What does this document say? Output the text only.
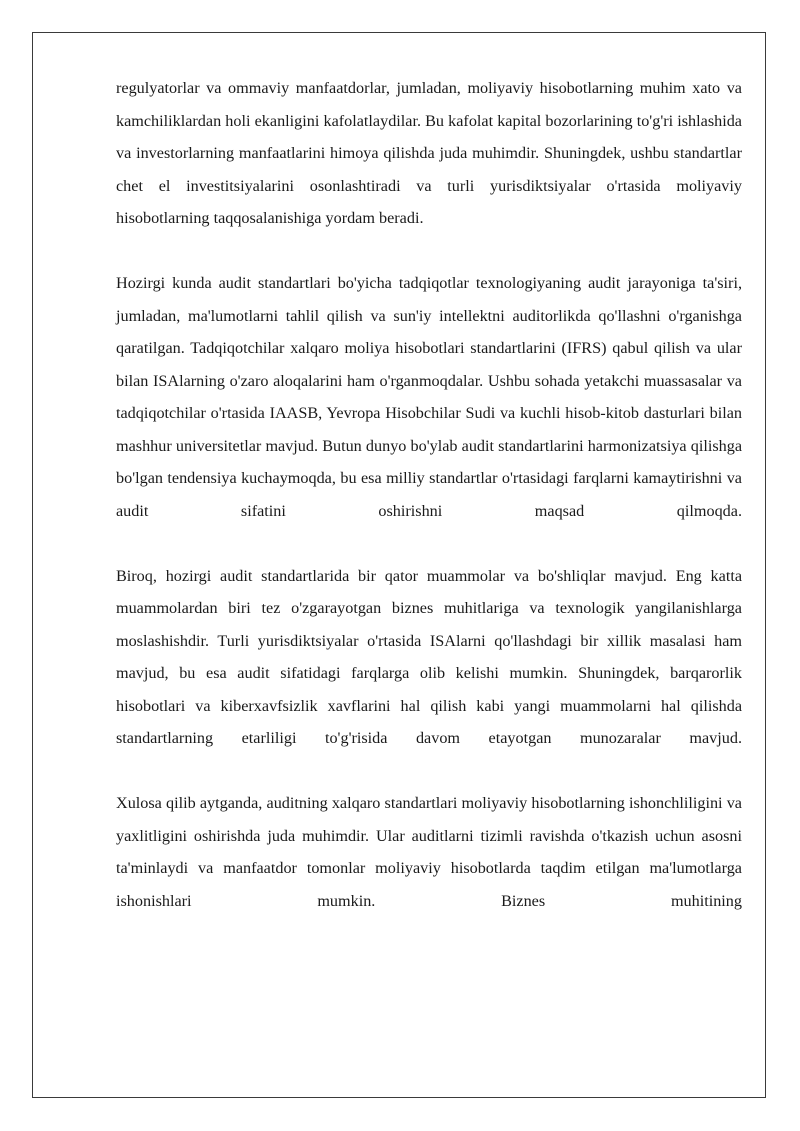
regulyatorlar va ommaviy manfaatdorlar, jumladan, moliyaviy hisobotlarning muhim xato va kamchiliklardan holi ekanligini kafolatlaydilar. Bu kafolat kapital bozorlarining to'g'ri ishlashida va investorlarning manfaatlarini himoya qilishda juda muhimdir. Shuningdek, ushbu standartlar chet el investitsiyalarini osonlashtiradi va turli yurisdiktsiyalar o'rtasida moliyaviy hisobotlarning taqqosalanishiga yordam beradi.

Hozirgi kunda audit standartlari bo'yicha tadqiqotlar texnologiyaning audit jarayoniga ta'siri, jumladan, ma'lumotlarni tahlil qilish va sun'iy intellektni auditorlikda qo'llashni o'rganishga qaratilgan. Tadqiqotchilar xalqaro moliya hisobotlari standartlarini (IFRS) qabul qilish va ular bilan ISAlarning o'zaro aloqalarini ham o'rganmoqdalar. Ushbu sohada yetakchi muassasalar va tadqiqotchilar o'rtasida IAASB, Yevropa Hisobchilar Sudi va kuchli hisob-kitob dasturlari bilan mashhur universitetlar mavjud. Butun dunyo bo'ylab audit standartlarini harmonizatsiya qilishga bo'lgan tendensiya kuchaymoqda, bu esa milliy standartlar o'rtasidagi farqlarni kamaytirishni va audit sifatini oshirishni maqsad qilmoqda.

Biroq, hozirgi audit standartlarida bir qator muammolar va bo'shliqlar mavjud. Eng katta muammolardan biri tez o'zgarayotgan biznes muhitlariga va texnologik yangilanishlarga moslashishdir. Turli yurisdiktsiyalar o'rtasida ISAlarni qo'llashdagi bir xillik masalasi ham mavjud, bu esa audit sifatidagi farqlarga olib kelishi mumkin. Shuningdek, barqarorlik hisobotlari va kiberxavfsizlik xavflarini hal qilish kabi yangi muammolarni hal qilishda standartlarning etarliligi to'g'risida davom etayotgan munozaralar mavjud.

Xulosa qilib aytganda, auditning xalqaro standartlari moliyaviy hisobotlarning ishonchliligini va yaxlitligini oshirishda juda muhimdir. Ular auditlarni tizimli ravishda o'tkazish uchun asosni ta'minlaydi va manfaatdor tomonlar moliyaviy hisobotlarda taqdim etilgan ma'lumotlarga ishonishlari mumkin. Biznes muhitining
